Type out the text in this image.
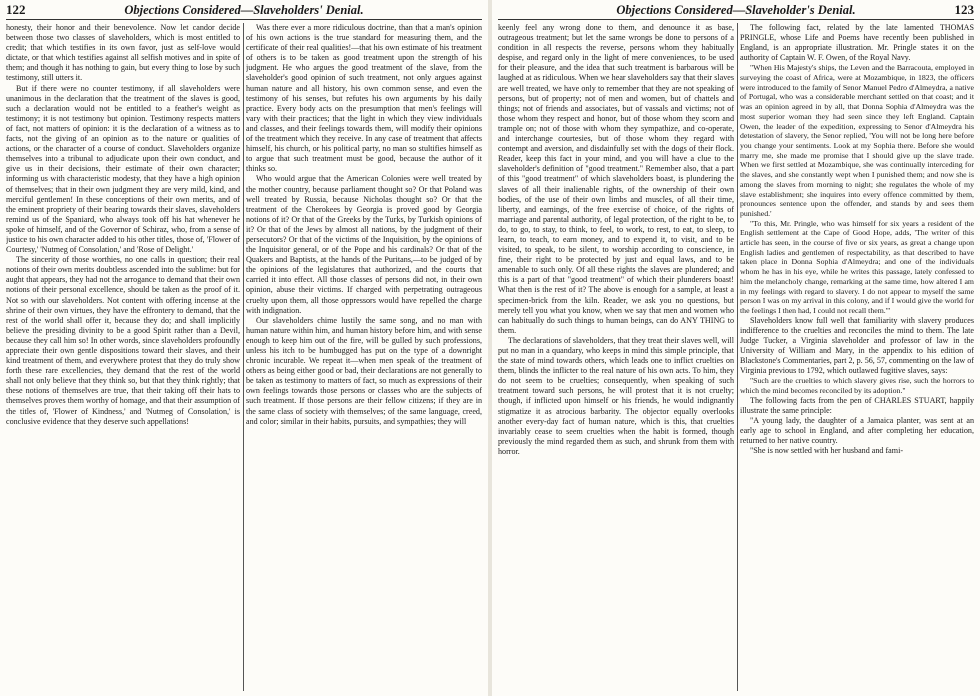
122	Objections Considered—Slaveholders' Denial.

honesty, their honor and their benevolence. Now let candor decide between those two classes of slaveholders, which is most entitled to credit; that which testifies in its own favor, just as self-love would dictate, or that which testifies against all selfish motives and in spite of them; and though it has nothing to gain, but every thing to lose by such testimony, still utters it.

But if there were no counter testimony, if all slaveholders were unanimous in the declaration that the treatment of the slaves is good, such a declaration would not be entitled to a feather's weight as testimony; it is not testimony but opinion. Testimony respects matters of fact, not matters of opinion: it is the declaration of a witness as to facts, not the giving of an opinion as to the nature or qualities of actions, or the character of a course of conduct. Slaveholders organize themselves into a tribunal to adjudicate upon their own conduct, and give us in their decisions, their estimate of their own character; informing us with characteristic modesty, that they have a high opinion of themselves; that in their own judgment they are very mild, kind, and merciful gentlemen! In these conceptions of their own merits, and of the eminent propriety of their bearing towards their slaves, slaveholders remind us of the Spaniard, who always took off his hat whenever he spoke of himself, and of the Governor of Schiraz, who, from a sense of justice to his own character added to his other titles, those of, 'Flower of Courtesy,' 'Nutmeg of Consolation,' and 'Rose of Delight.'

The sincerity of those worthies, no one calls in question; their real notions of their own merits doubtless ascended into the sublime: but for aught that appears, they had not the arrogance to demand that their own notions of their personal excellence, should be taken as the proof of it. Not so with our slaveholders. Not content with offering incense at the shrine of their own virtues, they have the effrontery to demand, that the rest of the world shall offer it, because they do; and shall implicitly believe the presiding divinity to be a good Spirit rather than a Devil, because they call him so! In other words, since slaveholders profoundly appreciate their own gentle dispositions toward their slaves, and their kind treatment of them, and everywhere protest that they do truly show forth these rare excellencies, they demand that the rest of the world shall not only believe that they think so, but that they think rightly; that these notions of themselves are true, that their taking off their hats to themselves proves them worthy of homage, and that their assumption of the titles of, 'Flower of Kindness,' and 'Nutmeg of Consolation,' is conclusive evidence that they deserve such appellations!

Was there ever a more ridiculous doctrine, than that a man's opinion of his own actions is the true standard for measuring them, and the certificate of their real qualities!—that his own estimate of his treatment of others is to be taken as good treatment upon the strength of his judgment. He who argues the good treatment of the slave, from the slaveholder's good opinion of such treatment, not only argues against human nature and all history, his own common sense, and even the testimony of his senses, but refutes his own arguments by his daily practice. Every body acts on the presumption that men's feelings will vary with their practices; that the light in which they view individuals and classes, and their feelings towards them, will modify their opinions of the treatment which they receive. In any case of treatment that affects himself, his church, or his political party, no man so stultifies himself as to argue that such treatment must be good, because the author of it thinks so.

Who would argue that the American Colonies were well treated by the mother country, because parliament thought so? Or that Poland was well treated by Russia, because Nicholas thought so? Or that the treatment of the Cherokees by Georgia is proved good by Georgia notions of it? Or that of the Greeks by the Turks, by Turkish opinions of it? Or that of the Jews by almost all nations, by the judgment of their persecutors? Or that of the victims of the Inquisition, by the opinions of the Inquisitor general, or of the Pope and his cardinals? Or that of the Quakers and Baptists, at the hands of the Puritans,—to be judged of by the opinions of the legislatures that authorized, and the courts that carried it into effect. All those classes of persons did not, in their own opinion, abuse their victims. If charged with perpetrating outrageous cruelty upon them, all those oppressors would have repelled the charge with indignation.

Our slaveholders chime lustily the same song, and no man with human nature within him, and human history before him, and with sense enough to keep him out of the fire, will be gulled by such professions, unless his itch to be humbugged has put on the type of a downright chronic incurable. We repeat it—when men speak of the treatment of others as being either good or bad, their declarations are not generally to be taken as testimony to matters of fact, so much as expressions of their own feelings towards those persons or classes who are the subjects of such treatment. If those persons are their fellow citizens; if they are in the same class of society with themselves; of the same language, creed, and color; similar in their habits, pursuits, and sympathies; they will

Objections Considered—Slaveholder's Denial.	123

keenly feel any wrong done to them, and denounce it as base, outrageous treatment; but let the same wrongs be done to persons of a condition in all respects the reverse, persons whom they habitually despise, and regard only in the light of mere conveniences, to be used for their pleasure, and the idea that such treatment is barbarous will be laughed at as ridiculous. When we hear slaveholders say that their slaves are well treated, we have only to remember that they are not speaking of persons, but of property; not of men and women, but of chattels and things; not of friends and associates, but of vassals and victims; not of those whom they respect and honor, but of those whom they scorn and trample on; not of those with whom they sympathize, and co-operate, and interchange courtesies, but of those whom they regard with contempt and aversion, and disdainfully set with the dogs of their flock. Reader, keep this fact in your mind, and you will have a clue to the slaveholder's definition of "good treatment." Remember also, that a part of this "good treatment" of which slaveholders boast, is plundering the slaves of all their inalienable rights, of the ownership of their own bodies, of the use of their own limbs and muscles, of all their time, liberty, and earnings, of the free exercise of choice, of the rights of marriage and parental authority, of legal protection, of the right to be, to do, to go, to stay, to think, to feel, to work, to rest, to eat, to sleep, to learn, to teach, to earn money, and to expend it, to visit, and to be visited, to speak, to be silent, to worship according to conscience, in fine, their right to be protected by just and equal laws, and to be amenable to such only. Of all these rights the slaves are plundered; and this is a part of that "good treatment" of which their plunderers boast! What then is the rest of it? The above is enough for a sample, at least a specimen-brick from the kiln. Reader, we ask you no questions, but merely tell you what you know, when we say that men and women who can habitually do such things to human beings, can do ANY THING to them.

The declarations of slaveholders, that they treat their slaves well, will put no man in a quandary, who keeps in mind this simple principle, that the state of mind towards others, which leads one to inflict cruelties on them, blinds the inflicter to the real nature of his own acts. To him, they do not seem to be cruelties; consequently, when speaking of such treatment toward such persons, he will protest that it is not cruelty; though, if inflicted upon himself or his friends, he would indignantly stigmatize it as atrocious barbarity. The objector equally overlooks another every-day fact of human nature, which is this, that cruelties invariably cease to seem cruelties when the habit is formed, though previously the mind regarded them as such, and shrunk from them with horror.

The following fact, related by the late lamented THOMAS PRINGLE, whose Life and Poems have recently been published in England, is an appropriate illustration. Mr. Pringle states it on the authority of Captain W. F. Owen, of the Royal Navy.

"When His Majesty's ships, the Leven and the Barracouta, employed in surveying the coast of Africa, were at Mozambique, in 1823, the officers were introduced to the family of Senor Manuel Pedro d'Almeydra, a native of Portugal, who was a considerable merchant settled on that coast; and it was an opinion agreed in by all, that Donna Sophia d'Almeydra was the most superior woman they had seen since they left England. Captain Owen, the leader of the expedition, expressing to Senor d'Almeydra his detestation of slavery, the Senor replied, 'You will not be long here before you change your sentiments. Look at my Sophia there. Before she would marry me, she made me promise that I should give up the slave trade. When we first settled at Mozambique, she was continually interceding for the slaves, and she constantly wept when I punished them; and now she is among the slaves from morning to night; she regulates the whole of my slave establishment; she inquires into every offence committed by them, pronounces sentence upon the offender, and stands by and sees them punished.'

"To this, Mr. Pringle, who was himself for six years a resident of the English settlement at the Cape of Good Hope, adds, 'The writer of this article has seen, in the course of five or six years, as great a change upon English ladies and gentlemen of respectability, as that described to have taken place in Donna Sophia d'Almeydra; and one of the individuals whom he has in his eye, while he writes this passage, lately confessed to him the melancholy change, remarking at the same time, how altered I am in my feelings with regard to slavery. I do not appear to myself the same person I was on my arrival in this colony, and if I would give the world for the feelings I then had, I could not recall them.'"

Slaveholders know full well that familiarity with slavery produces indifference to the cruelties and reconciles the mind to them. The late Judge Tucker, a Virginia slaveholder and professor of law in the University of William and Mary, in the appendix to his edition of Blackstone's Commentaries, part 2, p. 56, 57, commenting on the law of Virginia previous to 1792, which outlawed fugitive slaves, says:

"Such are the cruelties to which slavery gives rise, such the horrors to which the mind becomes reconciled by its adoption."

The following facts from the pen of CHARLES STUART, happily illustrate the same principle:

"A young lady, the daughter of a Jamaica planter, was sent at an early age to school in England, and after completing her education, returned to her native country.

"She is now settled with her husband and fami-
